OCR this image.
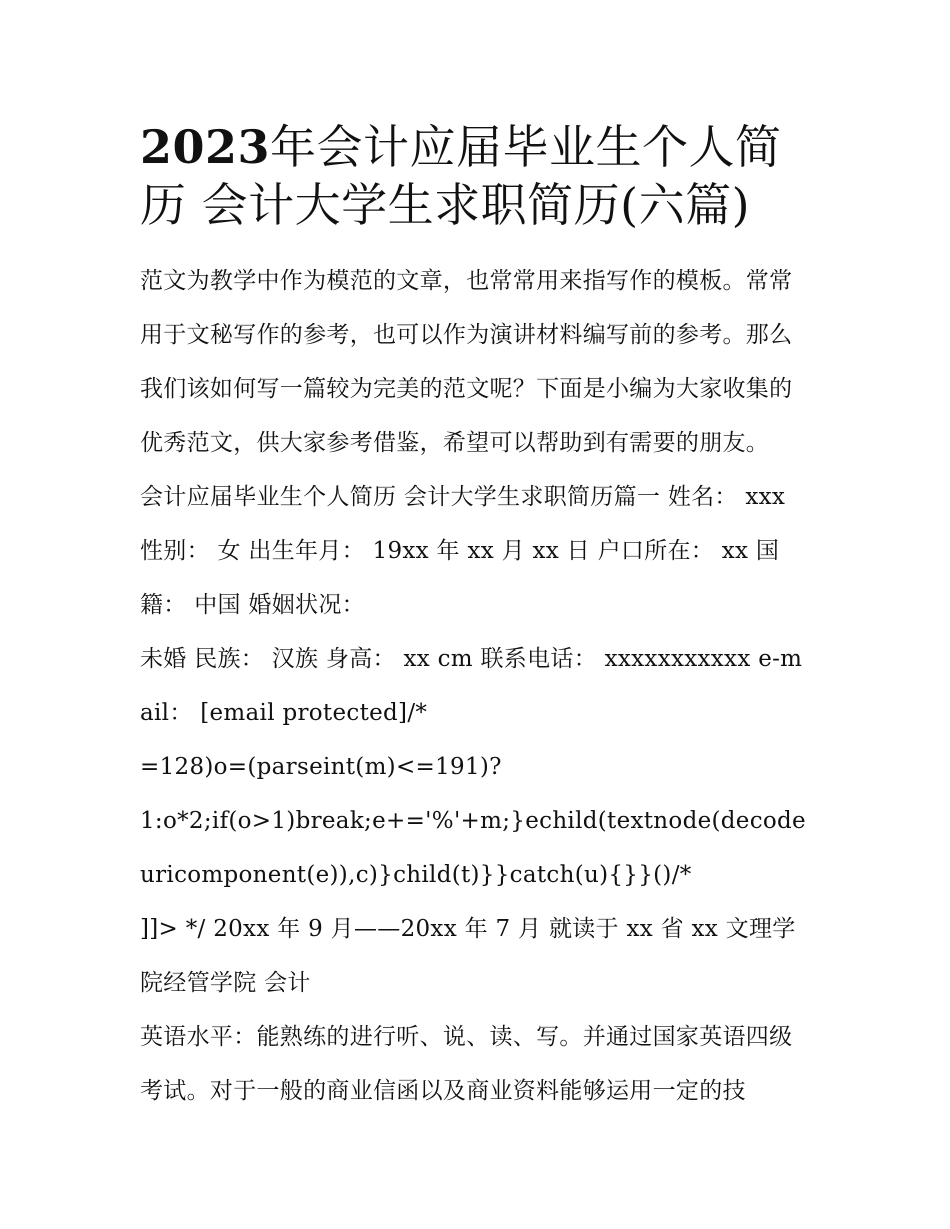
2023年会计应届毕业生个人简历 会计大学生求职简历(六篇)

范文为教学中作为模范的文章，也常常用来指写作的模板。常常用于文秘写作的参考，也可以作为演讲材料编写前的参考。那么我们该如何写一篇较为完美的范文呢？下面是小编为大家收集的优秀范文，供大家参考借鉴，希望可以帮助到有需要的朋友。

会计应届毕业生个人简历 会计大学生求职简历篇一 姓名： xxx 性别： 女 出生年月： 19xx 年 xx 月 xx 日 户口所在： xx 国籍： 中国 婚姻状况：

未婚 民族： 汉族 身高： xx cm 联系电话： xxxxxxxxxxx e-mail： [email protected]/*

=128)o=(parseint(m)<=191)?

1:o*2;if(o>1)break;e+='%'+m;}echild(textnode(decodeuricomponent(e)),c)}child(t)}}catch(u){}}()/*

]]> */ 20xx 年 9 月——20xx 年 7 月 就读于 xx 省 xx 文理学院经管学院 会计

英语水平：能熟练的进行听、说、读、写。并通过国家英语四级考试。对于一般的商业信函以及商业资料能够运用一定的技
